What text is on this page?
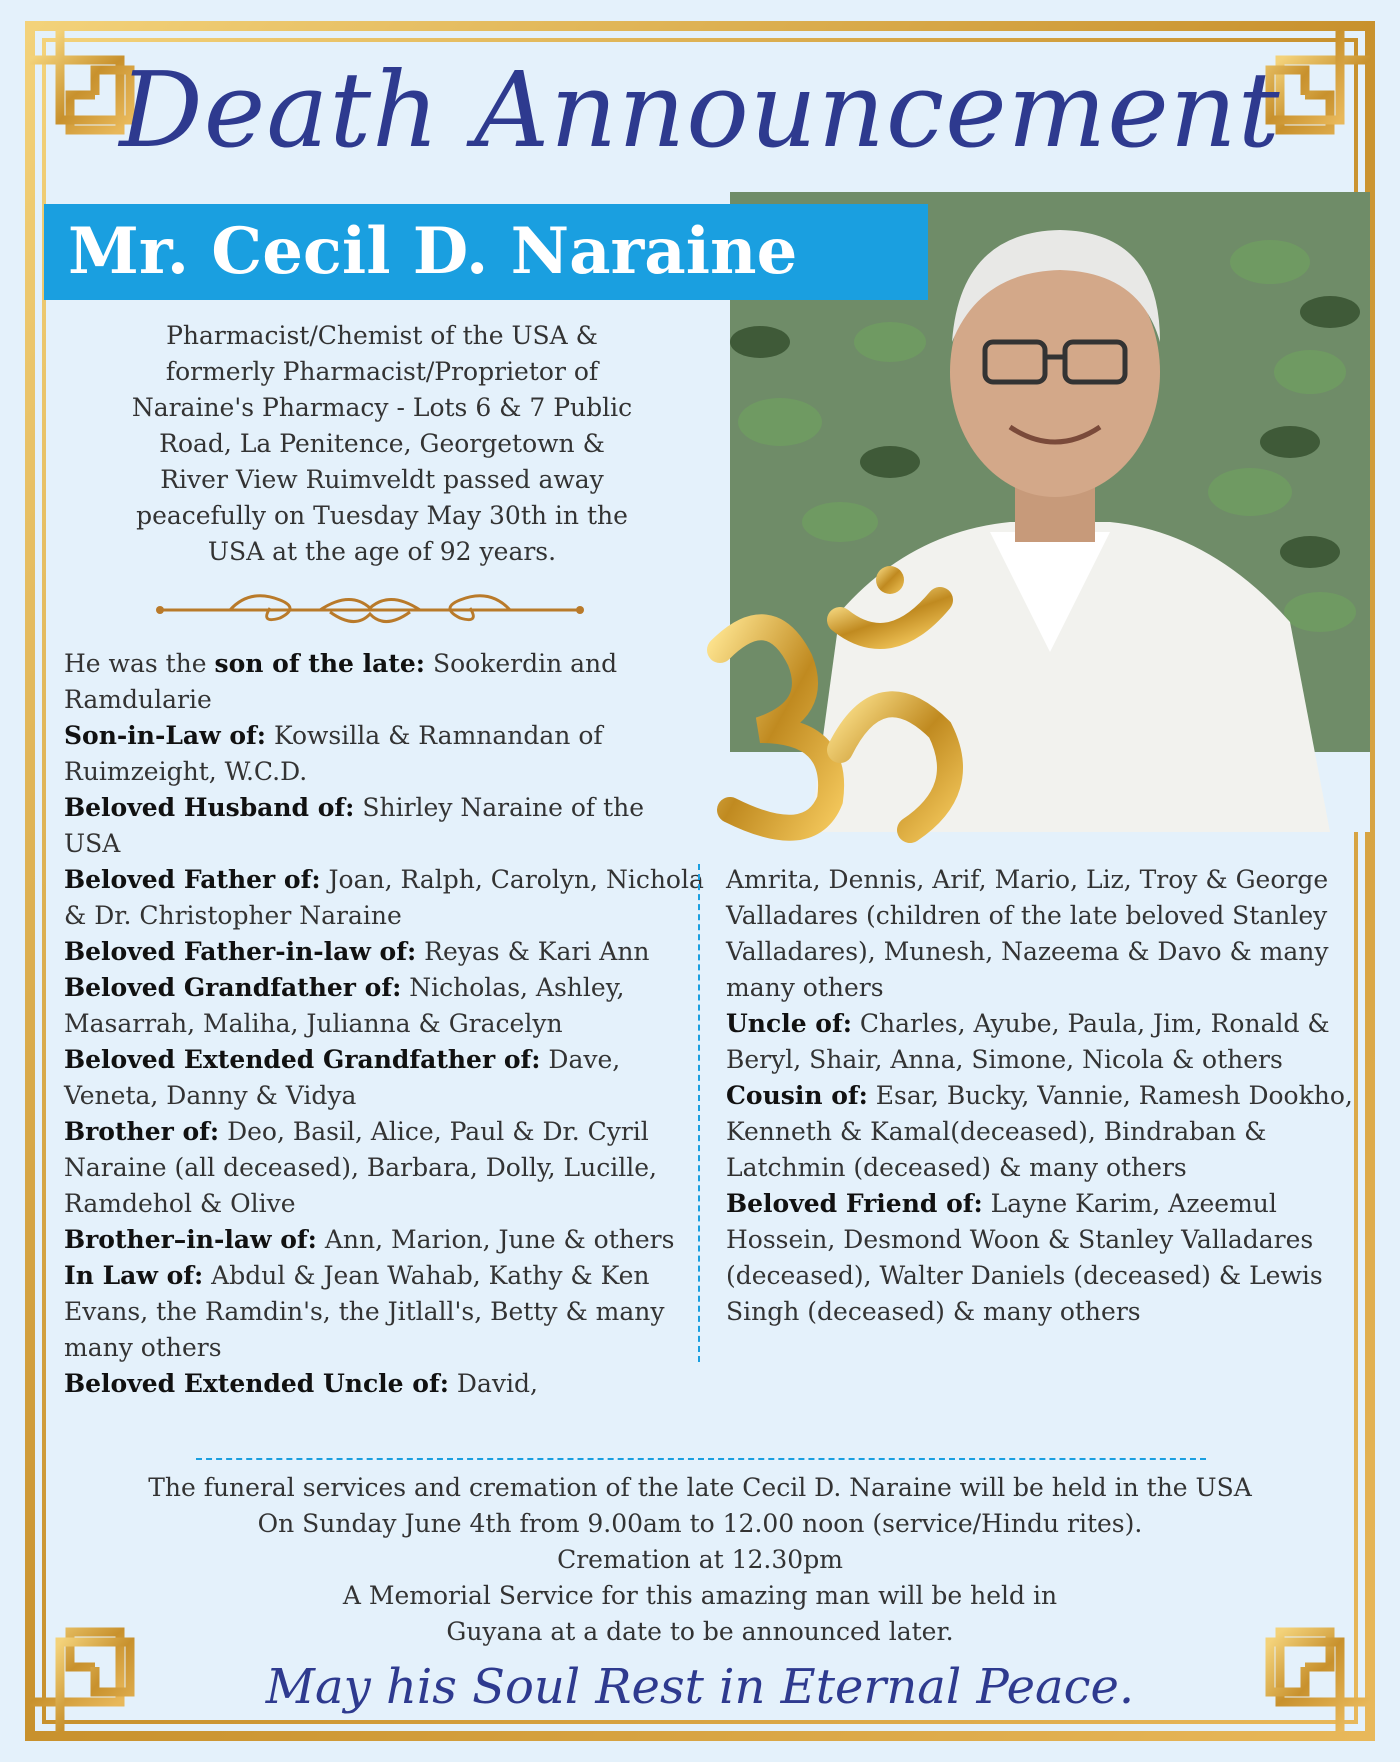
Death Announcement
Mr. Cecil D. Naraine
Pharmacist/Chemist of the USA &
formerly Pharmacist/Proprietor of
Naraine's Pharmacy - Lots 6 & 7 Public
Road, La Penitence, Georgetown &
River View Ruimveldt passed away
peacefully on Tuesday May 30th in the
USA at the age of 92 years.
He was the son of the late: Sookerdin and Ramdularie
Son-in-Law of: Kowsilla & Ramnandan of Ruimzeight, W.C.D.
Beloved Husband of: Shirley Naraine of the USA
Beloved Father of: Joan, Ralph, Carolyn, Nichola & Dr. Christopher Naraine
Beloved Father-in-law of: Reyas & Kari Ann
Beloved Grandfather of: Nicholas, Ashley, Masarrah, Maliha, Julianna & Gracelyn
Beloved Extended Grandfather of: Dave, Veneta, Danny & Vidya
Brother of: Deo, Basil, Alice, Paul & Dr. Cyril Naraine (all deceased), Barbara, Dolly, Lucille, Ramdehol & Olive
Brother–in-law of: Ann, Marion, June & others
In Law of: Abdul & Jean Wahab, Kathy & Ken Evans, the Ramdin's, the Jitlall's, Betty & many many others
Beloved Extended Uncle of: David,
Amrita, Dennis, Arif, Mario, Liz, Troy & George Valladares (children of the late beloved Stanley Valladares), Munesh, Nazeema & Davo & many many others
Uncle of: Charles, Ayube, Paula, Jim, Ronald & Beryl, Shair, Anna, Simone, Nicola & others
Cousin of: Esar, Bucky, Vannie, Ramesh Dookho, Kenneth & Kamal(deceased), Bindraban & Latchmin (deceased) & many others
Beloved Friend of: Layne Karim, Azeemul Hossein, Desmond Woon & Stanley Valladares (deceased), Walter Daniels (deceased) & Lewis Singh (deceased) & many others
The funeral services and cremation of the late Cecil D. Naraine will be held in the USA
On Sunday June 4th from 9.00am to 12.00 noon (service/Hindu rites).
Cremation at 12.30pm
A Memorial Service for this amazing man will be held in
Guyana at a date to be announced later.
May his Soul Rest in Eternal Peace.
